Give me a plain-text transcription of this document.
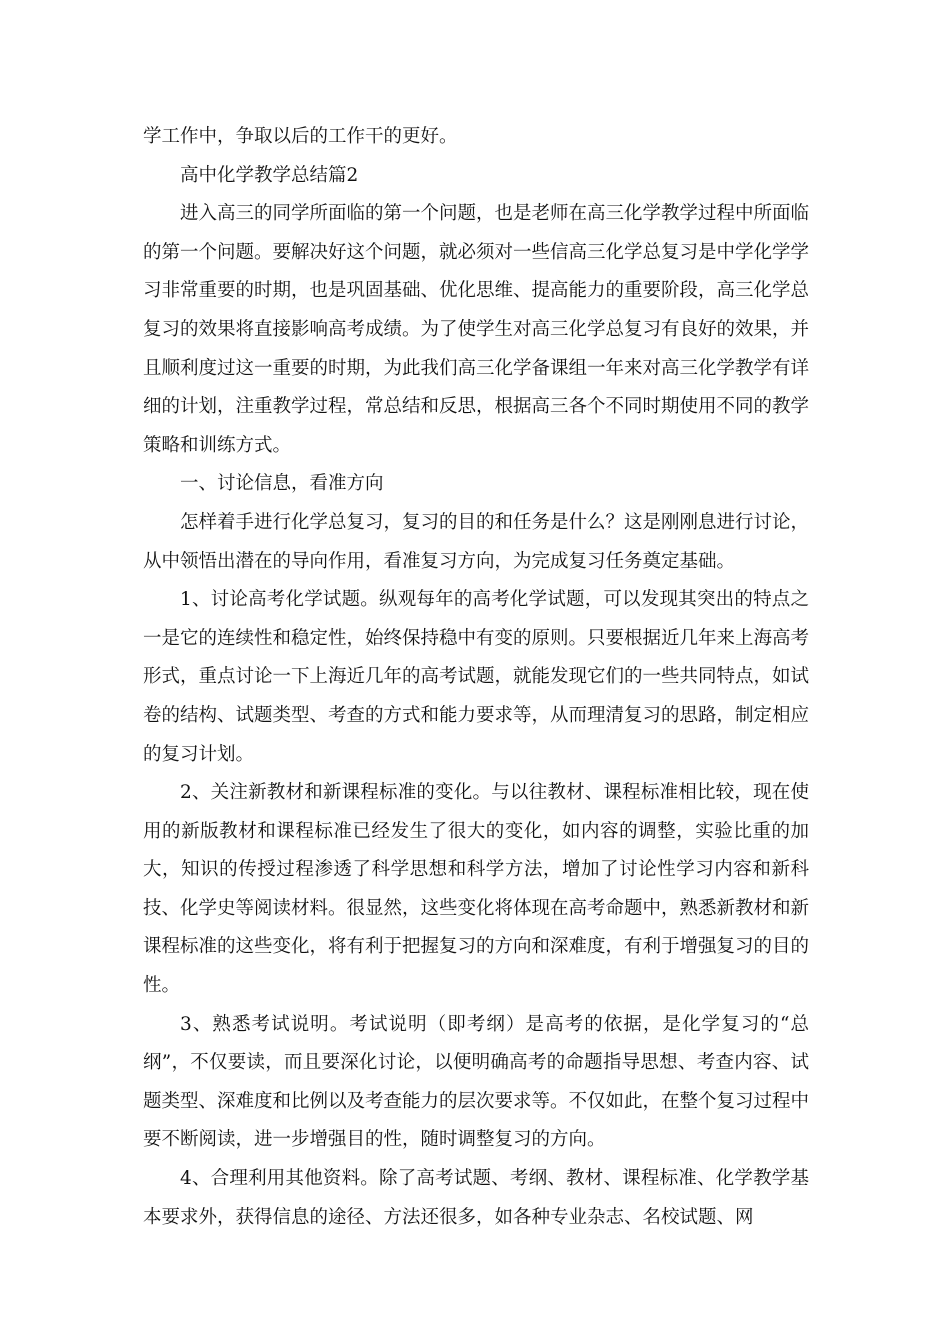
学工作中，争取以后的工作干的更好。

高中化学教学总结篇2

进入高三的同学所面临的第一个问题，也是老师在高三化学教学过程中所面临的第一个问题。要解决好这个问题，就必须对一些信高三化学总复习是中学化学学习非常重要的时期，也是巩固基础、优化思维、提高能力的重要阶段，高三化学总复习的效果将直接影响高考成绩。为了使学生对高三化学总复习有良好的效果，并且顺利度过这一重要的时期，为此我们高三化学备课组一年来对高三化学教学有详细的计划，注重教学过程，常总结和反思，根据高三各个不同时期使用不同的教学策略和训练方式。

一、讨论信息，看准方向

怎样着手进行化学总复习，复习的目的和任务是什么？这是刚刚息进行讨论，从中领悟出潜在的导向作用，看准复习方向，为完成复习任务奠定基础。

1、讨论高考化学试题。纵观每年的高考化学试题，可以发现其突出的特点之一是它的连续性和稳定性，始终保持稳中有变的原则。只要根据近几年来上海高考形式，重点讨论一下上海近几年的高考试题，就能发现它们的一些共同特点，如试卷的结构、试题类型、考查的方式和能力要求等，从而理清复习的思路，制定相应的复习计划。

2、关注新教材和新课程标准的变化。与以往教材、课程标准相比较，现在使用的新版教材和课程标准已经发生了很大的变化，如内容的调整，实验比重的加大，知识的传授过程渗透了科学思想和科学方法，增加了讨论性学习内容和新科技、化学史等阅读材料。很显然，这些变化将体现在高考命题中，熟悉新教材和新课程标准的这些变化，将有利于把握复习的方向和深难度，有利于增强复习的目的性。

3、熟悉考试说明。考试说明（即考纲）是高考的依据，是化学复习的“总纲”，不仅要读，而且要深化讨论，以便明确高考的命题指导思想、考查内容、试题类型、深难度和比例以及考查能力的层次要求等。不仅如此，在整个复习过程中要不断阅读，进一步增强目的性，随时调整复习的方向。

4、合理利用其他资料。除了高考试题、考纲、教材、课程标准、化学教学基本要求外，获得信息的途径、方法还很多，如各种专业杂志、名校试题、网
